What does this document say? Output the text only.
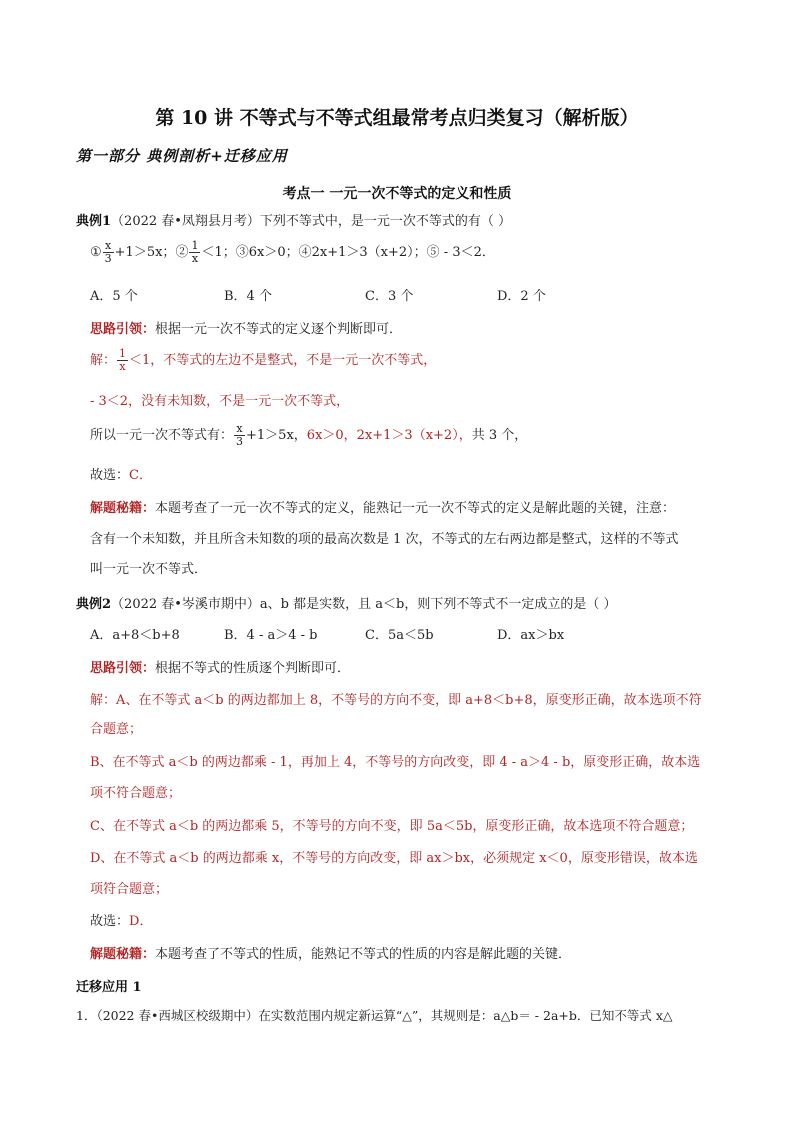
第 10 讲 不等式与不等式组最常考点归类复习（解析版）
第一部分 典例剖析+迁移应用
考点一 一元一次不等式的定义和性质
典例1（2022 春•凤翔县月考）下列不等式中，是一元一次不等式的有（ ）
① $\frac{x}{3} +1>5x$；② $\frac{1}{x} <1$；③6x＞0；④2x+1＞3（x+2）；⑤ - 3＜2．
A．5 个	B．4 个	C．3 个	D．2 个
思路引领：根据一元一次不等式的定义逐个判断即可．
解： $\frac{1}{x} <1$，不等式的左边不是整式，不是一元一次不等式，
- 3＜2，没有未知数，不是一元一次不等式，
所以一元一次不等式有： $\frac{x}{3} +1>5x$，6x＞0，2x+1＞3（x+2），共 3 个，
故选：C．
解题秘籍：本题考查了一元一次不等式的定义，能熟记一元一次不等式的定义是解此题的关键，注意：
含有一个未知数，并且所含未知数的项的最高次数是 1 次，不等式的左右两边都是整式，这样的不等式
叫一元一次不等式．
典例2（2022 春•岑溪市期中）a、b 都是实数，且 a＜b，则下列不等式不一定成立的是（ ）
A．a+8＜b+8	B．4 - a＞4 - b	C．5a＜5b	D．ax＞bx
思路引领：根据不等式的性质逐个判断即可．
解：A、在不等式 a＜b 的两边都加上 8，不等号的方向不变，即 a+8＜b+8，原变形正确，故本选项不符
合题意；
B、在不等式 a＜b 的两边都乘 - 1，再加上 4，不等号的方向改变，即 4 - a＞4 - b，原变形正确，故本选
项不符合题意；
C、在不等式 a＜b 的两边都乘 5，不等号的方向不变，即 5a＜5b，原变形正确，故本选项不符合题意；
D、在不等式 a＜b 的两边都乘 x，不等号的方向改变，即 ax＞bx，必须规定 x＜0，原变形错误，故本选
项符合题意；
故选：D．
解题秘籍：本题考查了不等式的性质，能熟记不等式的性质的内容是解此题的关键．
迁移应用 1
1．（2022 春•西城区校级期中）在实数范围内规定新运算“△”，其规则是：a△b＝ - 2a+b．已知不等式 x△
